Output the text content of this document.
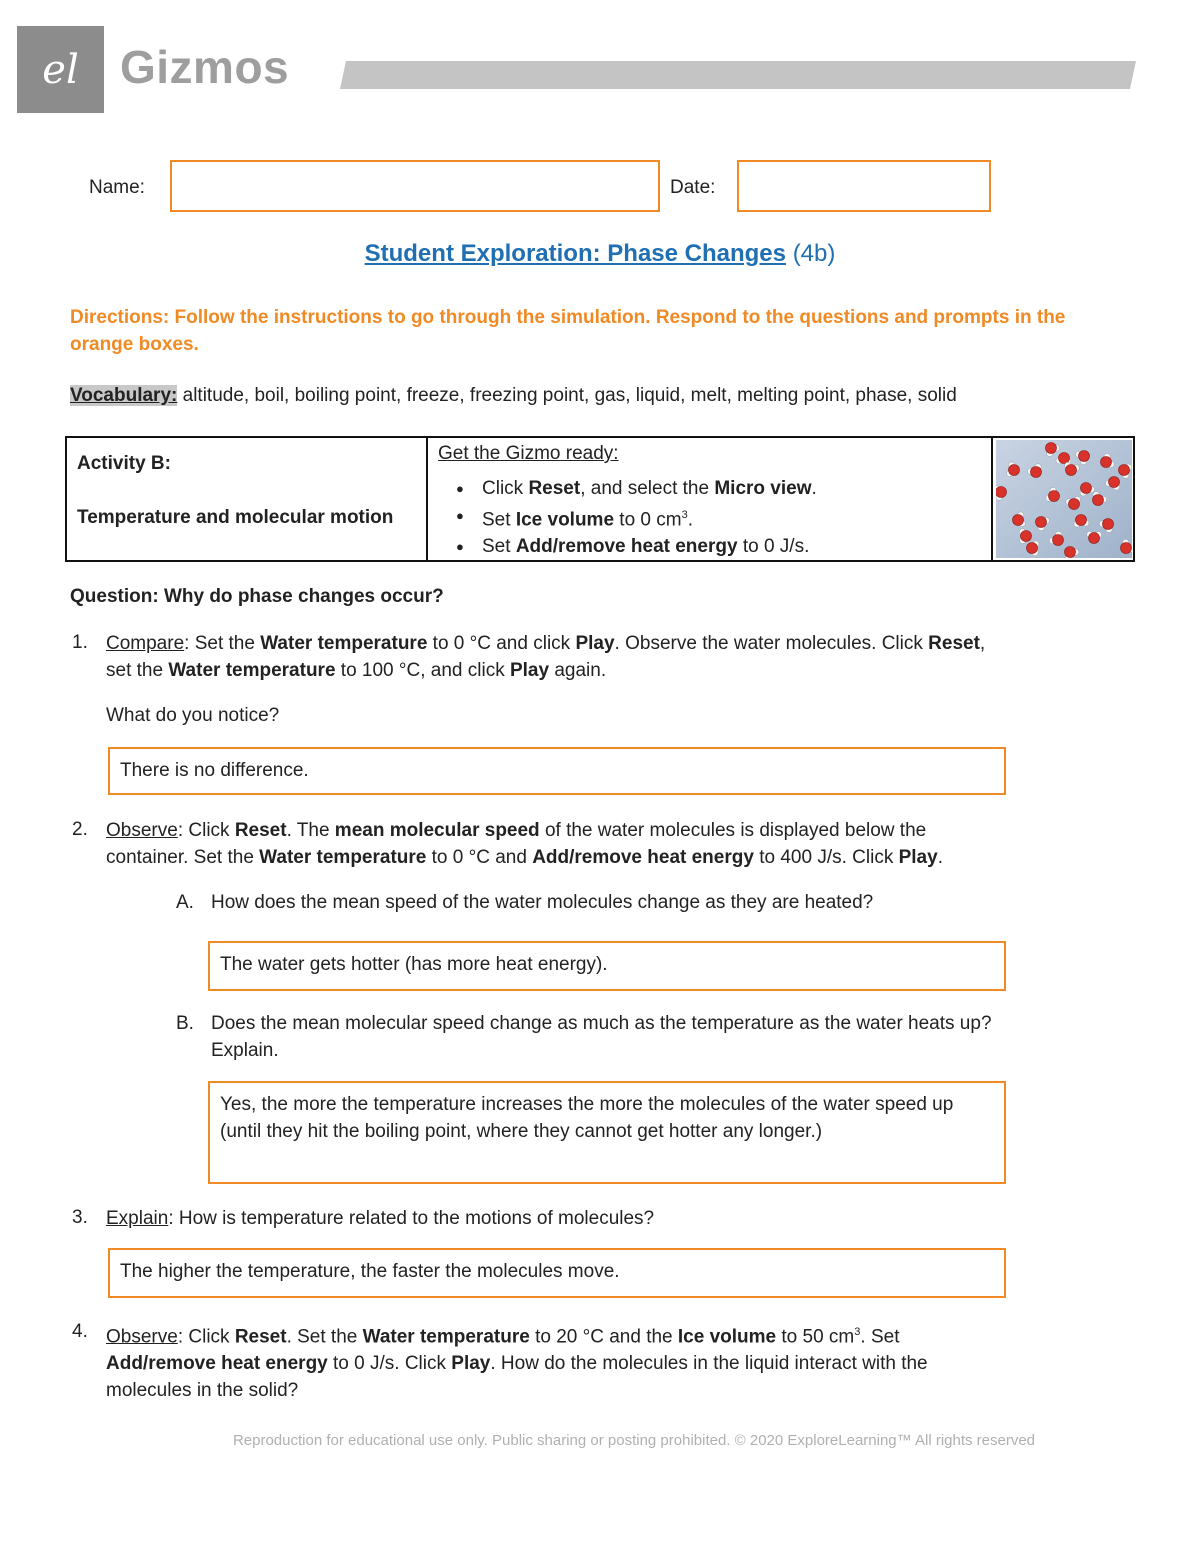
el Gizmos
Name:	Date:
Student Exploration: Phase Changes (4b)
Directions: Follow the instructions to go through the simulation. Respond to the questions and prompts in the orange boxes.
Vocabulary: altitude, boil, boiling point, freeze, freezing point, gas, liquid, melt, melting point, phase, solid
Activity B:
Temperature and molecular motion
Get the Gizmo ready:
● Click Reset, and select the Micro view.
● Set Ice volume to 0 $cm^3$.
● Set Add/remove heat energy to 0 J/s.
Question: Why do phase changes occur?
1. Compare: Set the Water temperature to 0 °C and click Play. Observe the water molecules. Click Reset,
set the Water temperature to 100 °C, and click Play again.
What do you notice?
There is no difference.
2. Observe: Click Reset. The mean molecular speed of the water molecules is displayed below the
container. Set the Water temperature to 0 °C and Add/remove heat energy to 400 J/s. Click Play.
A. How does the mean speed of the water molecules change as they are heated?
The water gets hotter (has more heat energy).
B. Does the mean molecular speed change as much as the temperature as the water heats up?
Explain.
Yes, the more the temperature increases the more the molecules of the water speed up (until they hit the boiling point, where they cannot get hotter any longer.)
3. Explain: How is temperature related to the motions of molecules?
The higher the temperature, the faster the molecules move.
4. Observe: Click Reset. Set the Water temperature to 20 °C and the Ice volume to 50 $cm^3$. Set
Add/remove heat energy to 0 J/s. Click Play. How do the molecules in the liquid interact with the
molecules in the solid?
Reproduction for educational use only. Public sharing or posting prohibited. © 2020 ExploreLearning™ All rights reserved
